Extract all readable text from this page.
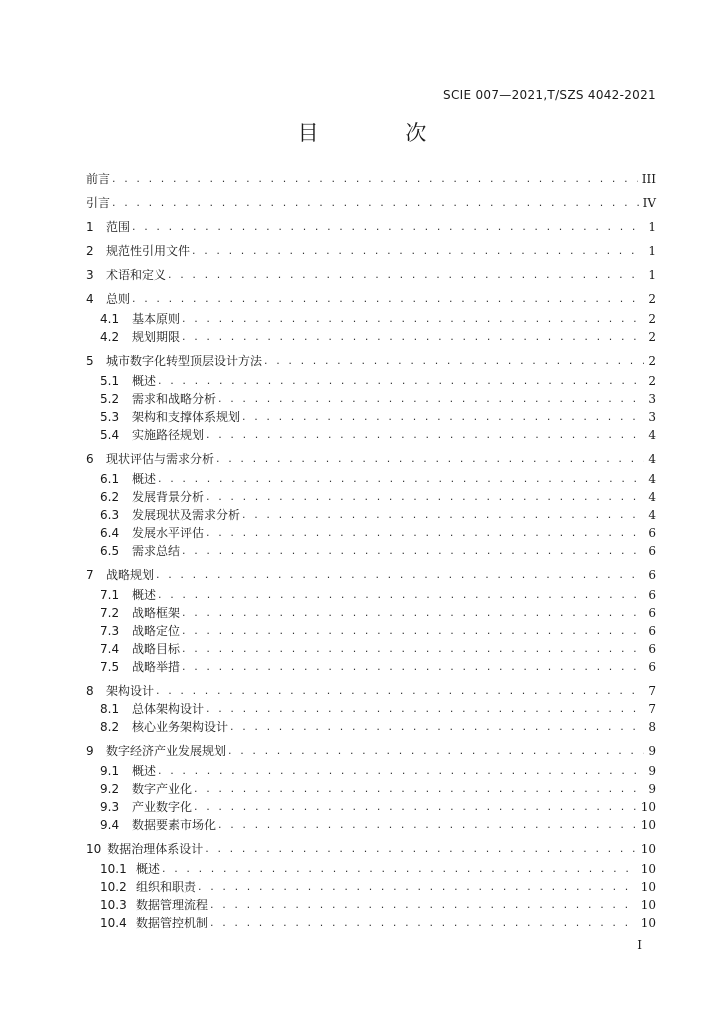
SCIE 007—2021,T/SZS 4042-2021
目 次
前言 . . .	III
引言 . . .	IV
1	范围 . . .	1
2	规范性引用文件 . . .	1
3	术语和定义 . . .	1
4	总则 . . .	2
4.1	基本原则 . . .	2
4.2	规划期限 . . .	2
5	城市数字化转型顶层设计方法 . . .	2
5.1	概述 . . .	2
5.2	需求和战略分析 . . .	3
5.3	架构和支撑体系规划 . . .	3
5.4	实施路径规划 . . .	4
6	现状评估与需求分析 . . .	4
6.1	概述 . . .	4
6.2	发展背景分析 . . .	4
6.3	发展现状及需求分析 . . .	4
6.4	发展水平评估 . . .	6
6.5	需求总结 . . .	6
7	战略规划 . . .	6
7.1	概述 . . .	6
7.2	战略框架 . . .	6
7.3	战略定位 . . .	6
7.4	战略目标 . . .	6
7.5	战略举措 . . .	6
8	架构设计 . . .	7
8.1	总体架构设计 . . .	7
8.2	核心业务架构设计 . . .	8
9	数字经济产业发展规划 . . .	9
9.1	概述 . . .	9
9.2	数字产业化 . . .	9
9.3	产业数字化 . . .	10
9.4	数据要素市场化 . . .	10
10 数据治理体系设计 . . .	10
10.1 概述 . . .	10
10.2 组织和职责 . . .	10
10.3 数据管理流程 . . .	10
10.4 数据管控机制 . . .	10
I
